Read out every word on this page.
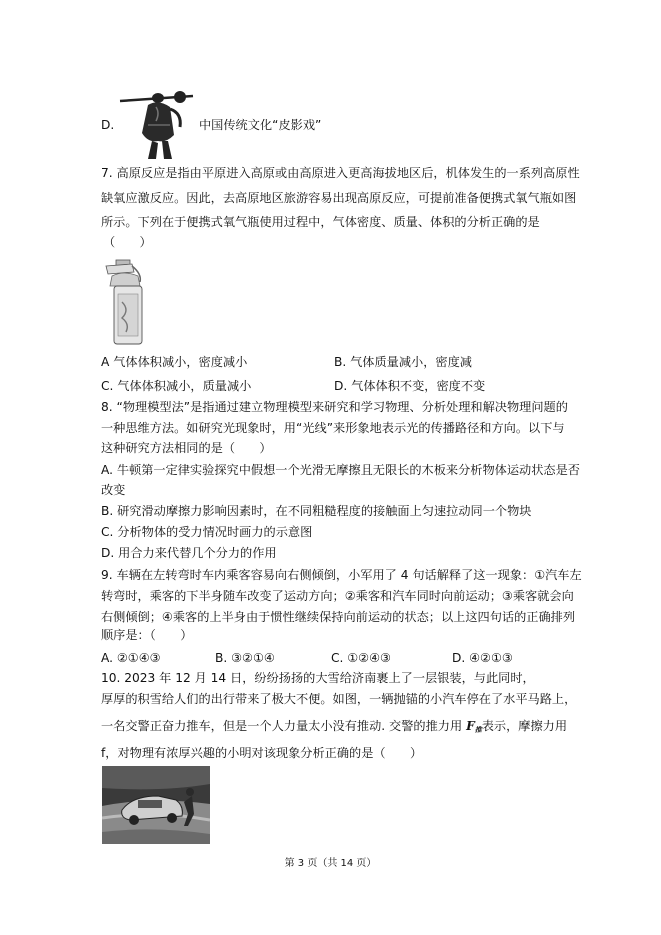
D.	中国传统文化“皮影戏”
7. 高原反应是指由平原进入高原或由高原进入更高海拔地区后，机体发生的一系列高原性
缺氧应激反应。因此，去高原地区旅游容易出现高原反应，可提前准备便携式氧气瓶如图
所示。下列在于便携式氧气瓶使用过程中，气体密度、质量、体积的分析正确的是
（　　）
A 气体体积减小，密度减小	B. 气体质量减小，密度减
C. 气体体积减小，质量减小	D. 气体体积不变，密度不变
8. “物理模型法”是指通过建立物理模型来研究和学习物理、分析处理和解决物理问题的
一种思维方法。如研究光现象时，用“光线”来形象地表示光的传播路径和方向。以下与
这种研究方法相同的是（　　）
A. 牛顿第一定律实验探究中假想一个光滑无摩擦且无限长的木板来分析物体运动状态是否
改变
B. 研究滑动摩擦力影响因素时，在不同粗糙程度的接触面上匀速拉动同一个物块
C. 分析物体的受力情况时画力的示意图
D. 用合力来代替几个分力的作用
9. 车辆在左转弯时车内乘客容易向右侧倾倒，小军用了 4 句话解释了这一现象：①汽车左
转弯时，乘客的下半身随车改变了运动方向；②乘客和汽车同时向前运动；③乘客就会向
右侧倾倒；④乘客的上半身由于惯性继续保持向前运动的状态；以上这四句话的正确排列
顺序是：（　　）
A. ②①④③	B. ③②①④	C. ①②④③	D. ④②①③
10. 2023 年 12 月 14 日，纷纷扬扬的大雪给济南裹上了一层银装，与此同时，
厚厚的积雪给人们的出行带来了极大不便。如图，一辆抛锚的小汽车停在了水平马路上，
一名交警正奋力推车，但是一个人力量太小没有推动. 交警的推力用 F推表示，摩擦力用
f，对物理有浓厚兴趣的小明对该现象分析正确的是（　　）
第 3 页（共 14 页）
